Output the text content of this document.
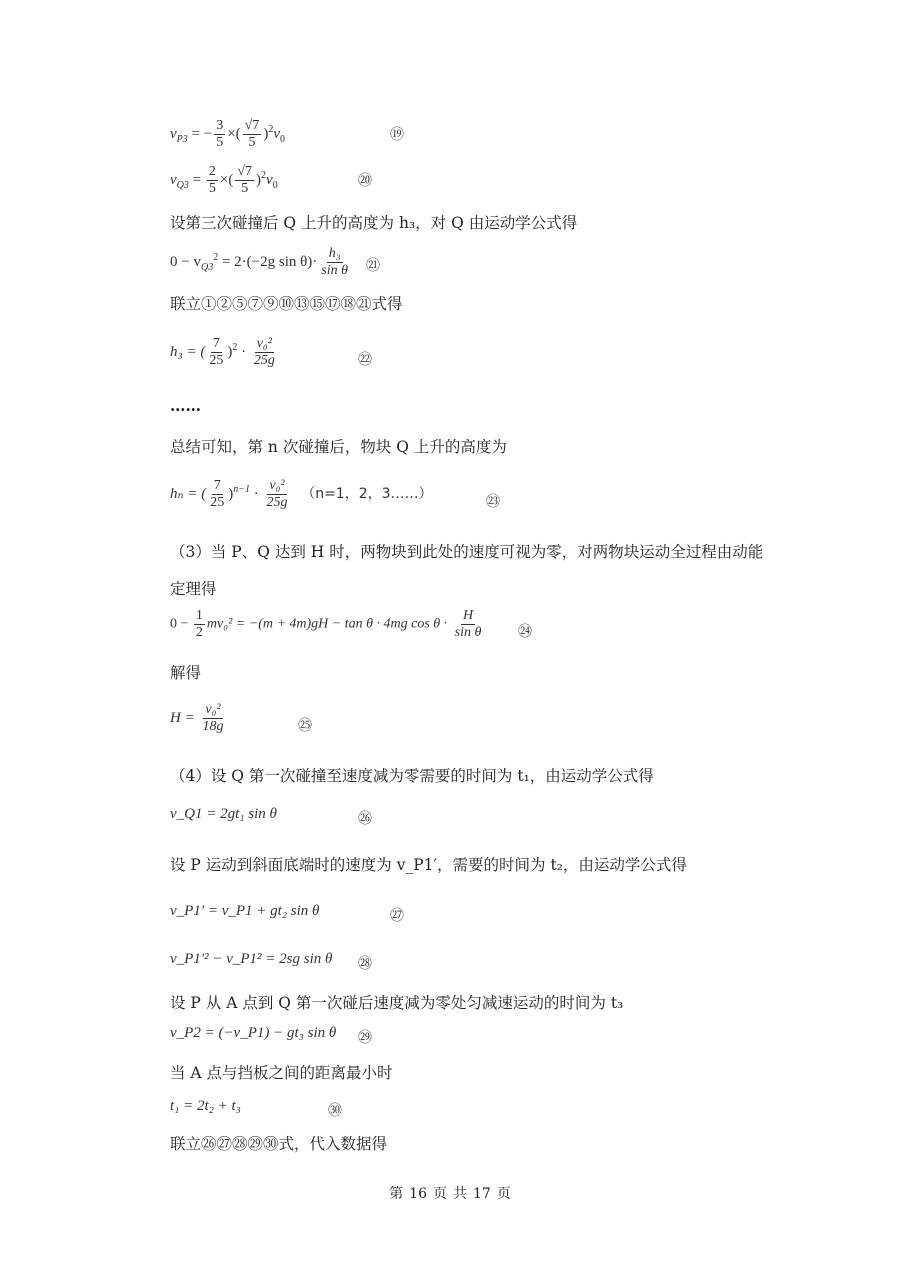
$v_{P3}$ = − $\frac{3}{5}$ ×( $\frac{√7}{5} )^2v_0$	⑲
$v_{Q3} = \frac{2}{5}$ ×( $\frac{√7}{5} )^2v_0$	⑳
设第三次碰撞后 Q 上升的高度为 h₃，对 Q 由运动学公式得
$0 - v_{Q3}^2 = 2\cdot(-2g$ $\sin \theta)\cdot \frac{\text{h₃}}{\text{sin θ}}$ ㉑
联立①②⑤⑦⑨⑩⑬⑮⑰⑱㉑式得
h₃ = ( $\frac{7}{25} )^2 \cdot \frac{\text{v₀²}}{25g}$	㉒
……
总结可知，第 n 次碰撞后，物块 Q 上升的高度为
hₙ = ( $\frac{7}{25} )^{n-1} \cdot \frac{\text{v₀²}}{25g} (n=1$，2，3……）
㉓
（3）当 P、Q 达到 H 时，两物块到此处的速度可视为零，对两物块运动全过程由动能
定理得
$0 - \frac{1}{2} mv_0^2 = -(m + 4m)gH - \tan \theta \cdot 4mg$ $\cos \theta \cdot \frac{H}{\text{sin θ}}$ ㉔
解得
$H = \frac{\text{v₀²}}{18g}$	㉕
（4）设 Q 第一次碰撞至速度减为零需要的时间为 t₁，由运动学公式得
v_Q1 = 2gt₁ sin θ	㉖
设 P 运动到斜面底端时的速度为 v_P1′，需要的时间为 t₂，由运动学公式得
v_P1′ = v_P1 + gt₂ sin θ	㉗
v_P1′² − v_P1² = 2sg sin θ ㉘
设 P 从 A 点到 Q 第一次碰后速度减为零处匀减速运动的时间为 t₃
v_P2 = (−v_P1) − gt₃ sin θ ㉙
当 A 点与挡板之间的距离最小时
t₁ = 2t₂ + t₃	㉚
联立㉖㉗㉘㉙㉚式，代入数据得
第 16 页 共 17 页
